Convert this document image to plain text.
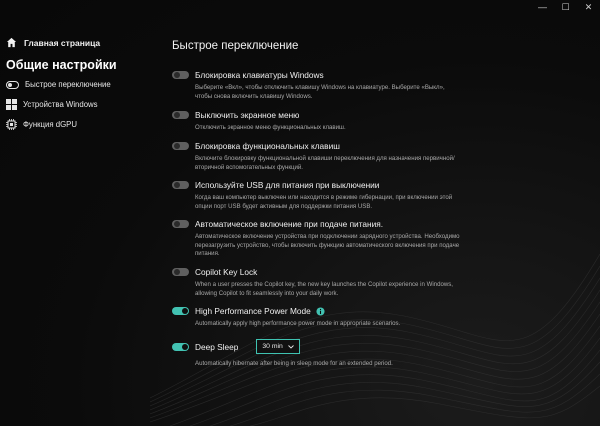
—	☐	✕
Главная страница
Общие настройки
Быстрое переключение
Устройства Windows
Функция dGPU
Быстрое переключение
Блокировка клавиатуры Windows
Выберите «Вкл», чтобы отключить клавишу Windows на клавиатуре. Выберите «Выкл», чтобы снова включить клавишу Windows.
Выключить экранное меню
Отключить экранное меню функциональных клавиш.
Блокировка функциональных клавиш
Включите блокировку функциональной клавиши переключения для назначения первичной/вторичной вспомогательных функций.
Используйте USB для питания при выключении
Когда ваш компьютер выключен или находится в режиме гибернации, при включении этой опции порт USB будет активным для поддержки питания USB.
Автоматическое включение при подаче питания.
Автоматическое включение устройства при подключении зарядного устройства. Необходимо перезагрузить устройство, чтобы включить функцию автоматического включения при подаче питания.
Copilot Key Lock
When a user presses the Copilot key, the new key launches the Copilot experience in Windows, allowing Copilot to fit seamlessly into your daily work.
High Performance Power Mode
Automatically apply high performance power mode in appropriate scenarios.
Deep Sleep	30 min
Automatically hibernate after being in sleep mode for an extended period.
